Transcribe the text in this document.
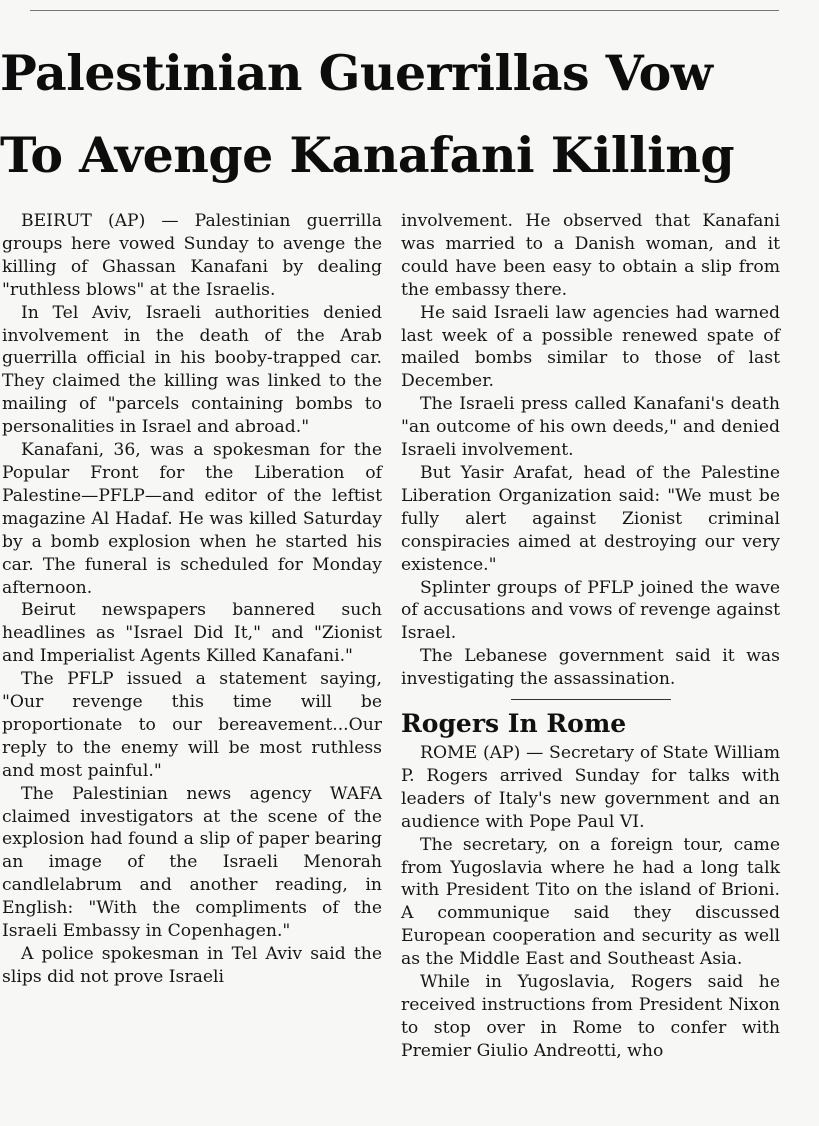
Palestinian Guerrillas Vow
To Avenge Kanafani Killing

BEIRUT (AP) — Palestinian guerrilla groups here vowed Sunday to avenge the killing of Ghassan Kanafani by dealing "ruthless blows" at the Israelis.

In Tel Aviv, Israeli authorities denied involvement in the death of the Arab guerrilla official in his booby-trapped car. They claimed the killing was linked to the mailing of "parcels containing bombs to personalities in Israel and abroad."

Kanafani, 36, was a spokesman for the Popular Front for the Liberation of Palestine—PFLP—and editor of the leftist magazine Al Hadaf. He was killed Saturday by a bomb explosion when he started his car. The funeral is scheduled for Monday afternoon.

Beirut newspapers bannered such headlines as "Israel Did It," and "Zionist and Imperialist Agents Killed Kanafani."

The PFLP issued a statement saying, "Our revenge this time will be proportionate to our bereavement...Our reply to the enemy will be most ruthless and most painful."

The Palestinian news agency WAFA claimed investigators at the scene of the explosion had found a slip of paper bearing an image of the Israeli Menorah candlelabrum and another reading, in English: "With the compliments of the Israeli Embassy in Copenhagen."

A police spokesman in Tel Aviv said the slips did not prove Israeli

involvement. He observed that Kanafani was married to a Danish woman, and it could have been easy to obtain a slip from the embassy there.

He said Israeli law agencies had warned last week of a possible renewed spate of mailed bombs similar to those of last December.

The Israeli press called Kanafani's death "an outcome of his own deeds," and denied Israeli involvement.

But Yasir Arafat, head of the Palestine Liberation Organization said: "We must be fully alert against Zionist criminal conspiracies aimed at destroying our very existence."

Splinter groups of PFLP joined the wave of accusations and vows of revenge against Israel.

The Lebanese government said it was investigating the assassination.

Rogers In Rome

ROME (AP) — Secretary of State William P. Rogers arrived Sunday for talks with leaders of Italy's new government and an audience with Pope Paul VI.

The secretary, on a foreign tour, came from Yugoslavia where he had a long talk with President Tito on the island of Brioni. A communique said they discussed European cooperation and security as well as the Middle East and Southeast Asia.

While in Yugoslavia, Rogers said he received instructions from President Nixon to stop over in Rome to confer with Premier Giulio Andreotti, who
